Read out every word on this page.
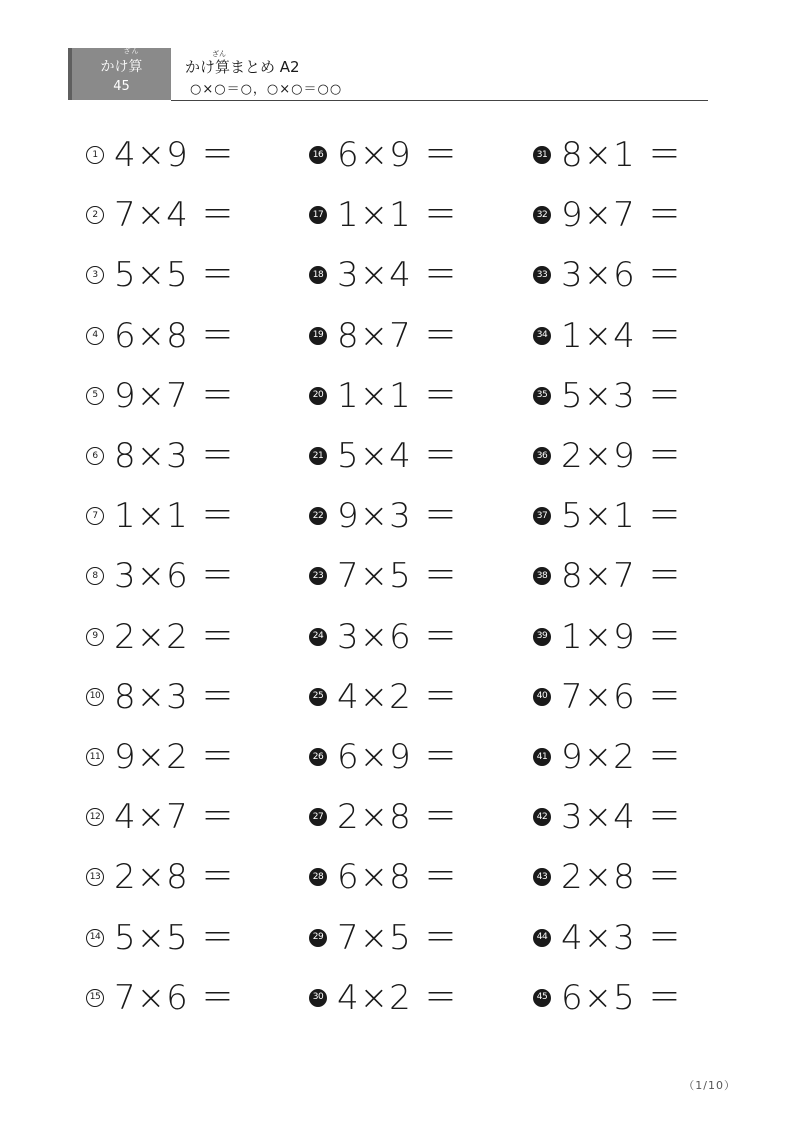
ざん
かけ算
45
ざん
かけ算まとめ A2
○×○＝○，○×○＝○○
1 4×9 ＝
2 7×4 ＝
3 5×5 ＝
4 6×8 ＝
5 9×7 ＝
6 8×3 ＝
7 1×1 ＝
8 3×6 ＝
9 2×2 ＝
10 8×3 ＝
11 9×2 ＝
12 4×7 ＝
13 2×8 ＝
14 5×5 ＝
15 7×6 ＝
16 6×9 ＝
17 1×1 ＝
18 3×4 ＝
19 8×7 ＝
20 1×1 ＝
21 5×4 ＝
22 9×3 ＝
23 7×5 ＝
24 3×6 ＝
25 4×2 ＝
26 6×9 ＝
27 2×8 ＝
28 6×8 ＝
29 7×5 ＝
30 4×2 ＝
31 8×1 ＝
32 9×7 ＝
33 3×6 ＝
34 1×4 ＝
35 5×3 ＝
36 2×9 ＝
37 5×1 ＝
38 8×7 ＝
39 1×9 ＝
40 7×6 ＝
41 9×2 ＝
42 3×4 ＝
43 2×8 ＝
44 4×3 ＝
45 6×5 ＝
（1/10）
